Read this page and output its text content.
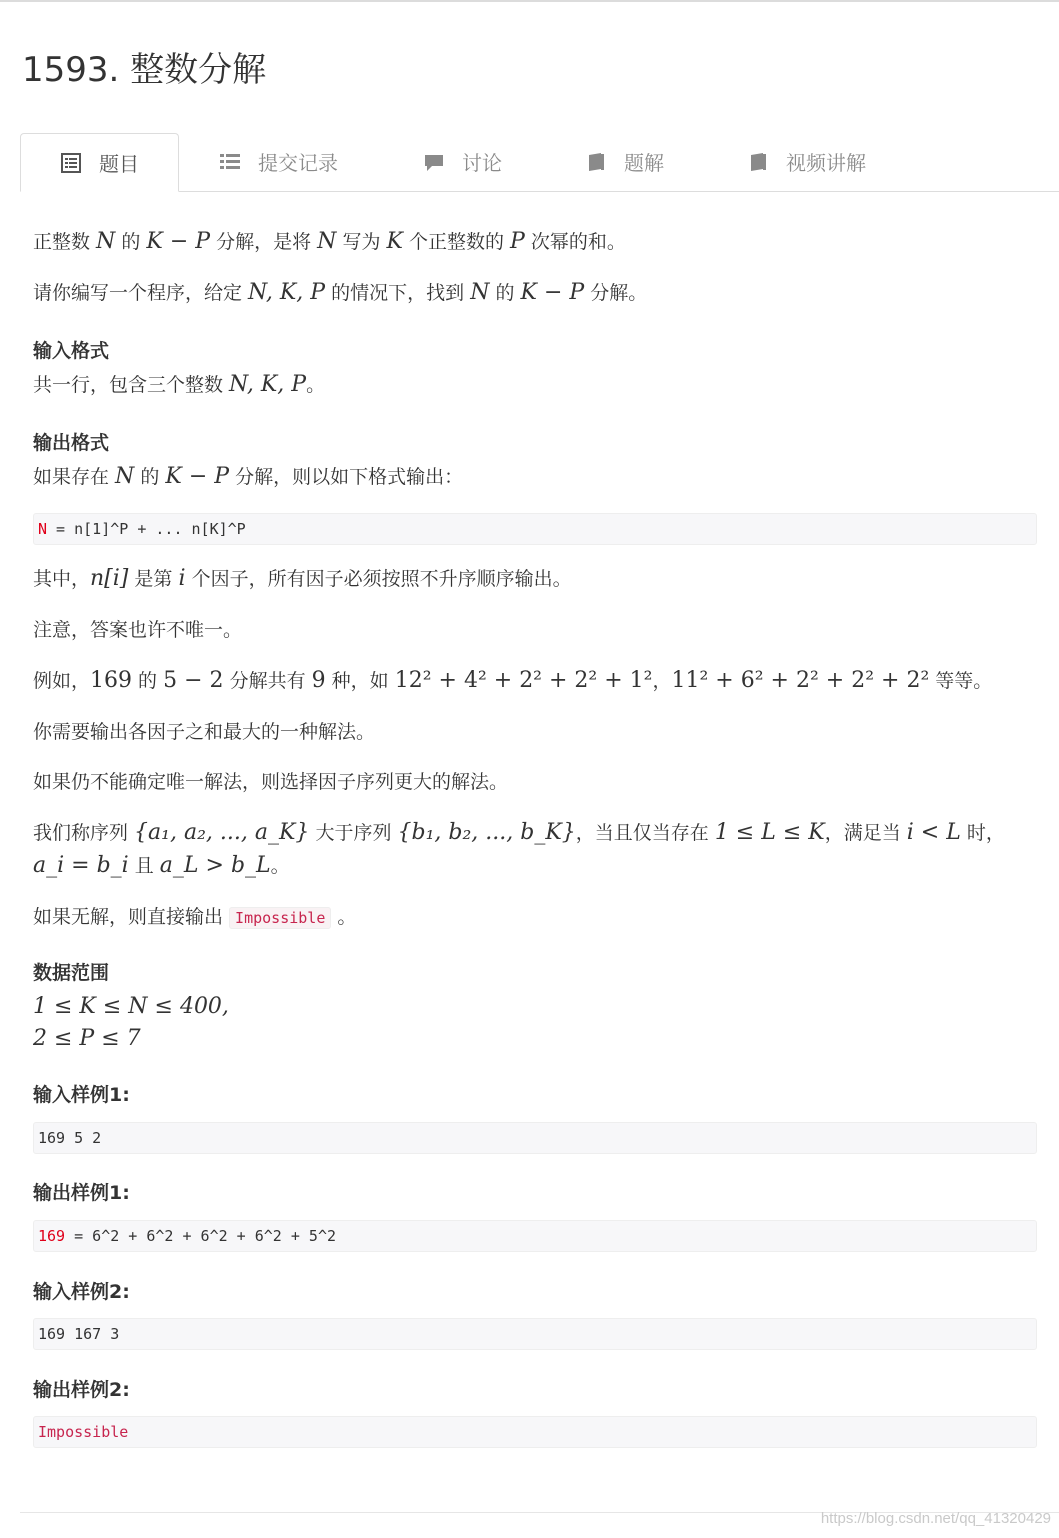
1593. 整数分解
题目	提交记录	讨论	题解	视频讲解

正整数 N 的 K − P 分解，是将 N 写为 K 个正整数的 P 次幂的和。

请你编写一个程序，给定 N, K, P 的情况下，找到 N 的 K − P 分解。

输入格式

共一行，包含三个整数 N, K, P。

输出格式

如果存在 N 的 K − P 分解，则以如下格式输出：

N = n[1]^P + ... n[K]^P

其中，n[i] 是第 i 个因子，所有因子必须按照不升序顺序输出。

注意，答案也许不唯一。

例如，169 的 5 − 2 分解共有 9 种，如 12² + 4² + 2² + 2² + 1²，11² + 6² + 2² + 2² + 2² 等等。

你需要输出各因子之和最大的一种解法。

如果仍不能确定唯一解法，则选择因子序列更大的解法。

我们称序列 {a₁, a₂, ..., a_K} 大于序列 {b₁, b₂, ..., b_K}，当且仅当存在 1 ≤ L ≤ K，满足当 i < L 时，

a_i = b_i 且 a_L > b_L。

如果无解，则直接输出 Impossible 。

数据范围

1 ≤ K ≤ N ≤ 400,

2 ≤ P ≤ 7

输入样例1:
169 5 2
输出样例1:
169 = 6^2 + 6^2 + 6^2 + 6^2 + 5^2
输入样例2:
169 167 3
输出样例2:
Impossible
https://blog.csdn.net/qq_41320429
